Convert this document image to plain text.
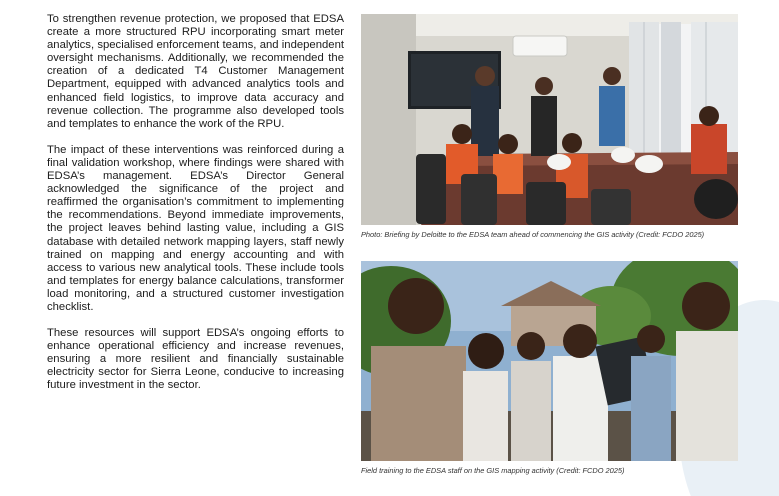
To strengthen revenue protection, we proposed that EDSA create a more structured RPU incorporating smart meter analytics, specialised enforcement teams, and independent oversight mechanisms. Additionally, we recommended the creation of a dedicated T4 Customer Management Department, equipped with advanced analytics tools and enhanced field logistics, to improve data accuracy and revenue collection. The programme also developed tools and templates to enhance the work of the RPU.

The impact of these interventions was reinforced during a final validation workshop, where findings were shared with EDSA’s management. EDSA’s Director General acknowledged the significance of the project and reaffirmed the organisation’s commitment to implementing the recommendations. Beyond immediate improvements, the project leaves behind lasting value, including a GIS database with detailed network mapping layers, staff newly trained on mapping and energy accounting and with access to various new analytical tools. These include tools and templates for energy balance calculations, transformer load monitoring, and a structured customer investigation checklist.

These resources will support EDSA’s ongoing efforts to enhance operational efficiency and increase revenues, ensuring a more resilient and financially sustainable electricity sector for Sierra Leone, conducive to increasing future investment in the sector.

Photo: Briefing by Deloitte to the EDSA team ahead of commencing the GIS activity (Credit: FCDO 2025)
Field training to the EDSA staff on the GIS mapping activity (Credit: FCDO 2025)
